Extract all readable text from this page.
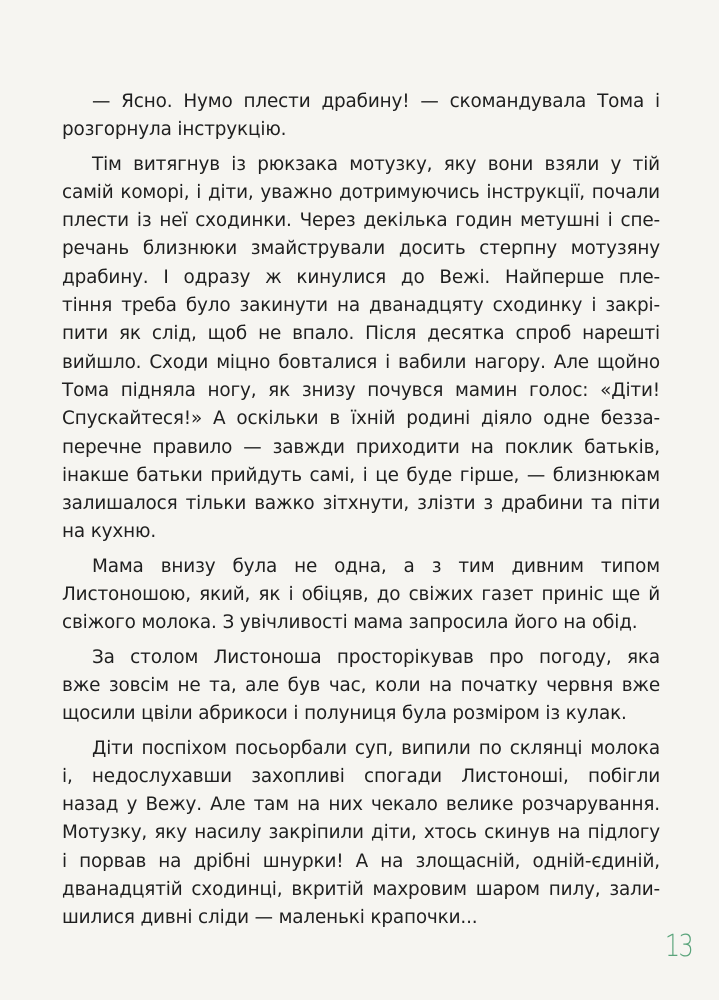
— Ясно. Нумо плести драбину! — скомандувала Тома і
розгорнула інструкцію.

Тім витягнув із рюкзака мотузку, яку вони взяли у тій
самій коморі, і діти, уважно дотримуючись інструкції, почали
плести із неї сходинки. Через декілька годин метушні і спе-
речань близнюки змайстрували досить стерпну мотузяну
драбину. І одразу ж кинулися до Вежі. Найперше пле-
тіння треба було закинути на дванадцяту сходинку і закрі-
пити як слід, щоб не впало. Після десятка спроб нарешті
вийшло. Сходи міцно бовталися і вабили нагору. Але щойно
Тома підняла ногу, як знизу почувся мамин голос: «Діти!
Спускайтеся!» А оскільки в їхній родині діяло одне безза-
перечне правило — завжди приходити на поклик батьків,
інакше батьки прийдуть самі, і це буде гірше, — близнюкам
залишалося тільки важко зітхнути, злізти з драбини та піти
на кухню.

Мама внизу була не одна, а з тим дивним типом
Листоношою, який, як і обіцяв, до свіжих газет приніс ще й
свіжого молока. З увічливості мама запросила його на обід.

За столом Листоноша просторікував про погоду, яка
вже зовсім не та, але був час, коли на початку червня вже
щосили цвіли абрикоси і полуниця була розміром із кулак.

Діти поспіхом посьорбали суп, випили по склянці молока
і, недослухавши захопливі спогади Листоноші, побігли
назад у Вежу. Але там на них чекало велике розчарування.
Мотузку, яку насилу закріпили діти, хтось скинув на підлогу
і порвав на дрібні шнурки! А на злощасній, одній-єдиній,
дванадцятій сходинці, вкритій махровим шаром пилу, зали-
шилися дивні сліди — маленькі крапочки...

13
